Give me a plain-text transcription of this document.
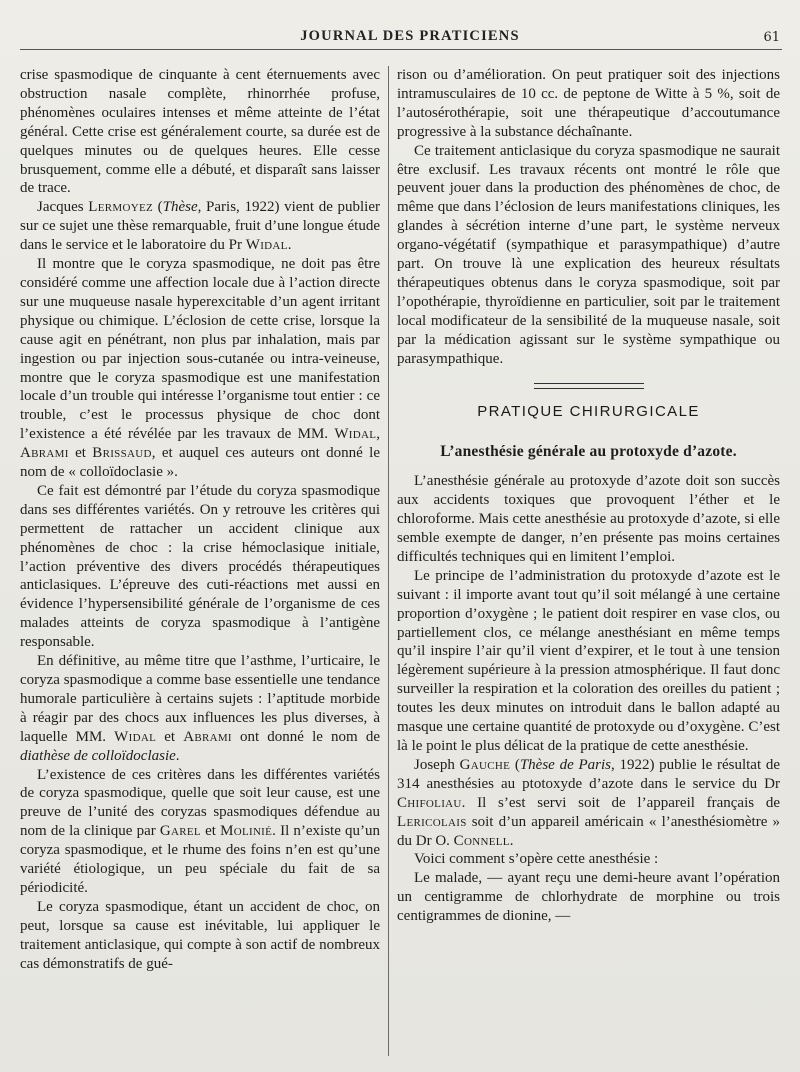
JOURNAL DES PRATICIENS	61

crise spasmodique de cinquante à cent éternuements avec obstruction nasale complète, rhinorrhée profuse, phénomènes oculaires intenses et même atteinte de l’état général. Cette crise est généralement courte, sa durée est de quelques minutes ou de quelques heures. Elle cesse brusquement, comme elle a débuté, et disparaît sans laisser de trace.

Jacques Lermoyez (Thèse, Paris, 1922) vient de publier sur ce sujet une thèse remarquable, fruit d’une longue étude dans le service et le laboratoire du Pr Widal.

Il montre que le coryza spasmodique, ne doit pas être considéré comme une affection locale due à l’action directe sur une muqueuse nasale hyperexcitable d’un agent irritant physique ou chimique. L’éclosion de cette crise, lorsque la cause agit en pénétrant, non plus par inhalation, mais par ingestion ou par injection sous-cutanée ou intra-veineuse, montre que le coryza spasmodique est une manifestation locale d’un trouble qui intéresse l’organisme tout entier : ce trouble, c’est le processus physique de choc dont l’existence a été révélée par les travaux de MM. Widal, Abrami et Brissaud, et auquel ces auteurs ont donné le nom de « colloïdoclasie ».

Ce fait est démontré par l’étude du coryza spasmodique dans ses différentes variétés. On y retrouve les critères qui permettent de rattacher un accident clinique aux phénomènes de choc : la crise hémoclasique initiale, l’action préventive des divers procédés thérapeutiques anticlasiques. L’épreuve des cuti-réactions met aussi en évidence l’hypersensibilité générale de l’organisme de ces malades atteints de coryza spasmodique à l’antigène responsable.

En définitive, au même titre que l’asthme, l’urticaire, le coryza spasmodique a comme base essentielle une tendance humorale particulière à certains sujets : l’aptitude morbide à réagir par des chocs aux influences les plus diverses, à laquelle MM. Widal et Abrami ont donné le nom de diathèse de colloïdoclasie.

L’existence de ces critères dans les différentes variétés de coryza spasmodique, quelle que soit leur cause, est une preuve de l’unité des coryzas spasmodiques défendue au nom de la clinique par Garel et Molinié. Il n’existe qu’un coryza spasmodique, et le rhume des foins n’en est qu’une variété étiologique, un peu spéciale du fait de sa périodicité.

Le coryza spasmodique, étant un accident de choc, on peut, lorsque sa cause est inévitable, lui appliquer le traitement anticlasique, qui compte à son actif de nombreux cas démonstratifs de gué-

rison ou d’amélioration. On peut pratiquer soit des injections intramusculaires de 10 cc. de peptone de Witte à 5 %, soit de l’autosérothérapie, soit une thérapeutique d’accoutumance progressive à la substance déchaînante.

Ce traitement anticlasique du coryza spasmodique ne saurait être exclusif. Les travaux récents ont montré le rôle que peuvent jouer dans la production des phénomènes de choc, de même que dans l’éclosion de leurs manifestations cliniques, les glandes à sécrétion interne d’une part, le système nerveux organo-végétatif (sympathique et parasympathique) d’autre part. On trouve là une explication des heureux résultats thérapeutiques obtenus dans le coryza spasmodique, soit par l’opothérapie, thyroïdienne en particulier, soit par le traitement local modificateur de la sensibilité de la muqueuse nasale, soit par la médication agissant sur le système sympathique ou parasympathique.

PRATIQUE CHIRURGICALE
L’anesthésie générale au protoxyde d’azote.

L’anesthésie générale au protoxyde d’azote doit son succès aux accidents toxiques que provoquent l’éther et le chloroforme. Mais cette anesthésie au protoxyde d’azote, si elle semble exempte de danger, n’en présente pas moins certaines difficultés techniques qui en limitent l’emploi.

Le principe de l’administration du protoxyde d’azote est le suivant : il importe avant tout qu’il soit mélangé à une certaine proportion d’oxygène ; le patient doit respirer en vase clos, ou partiellement clos, ce mélange anesthésiant en même temps qu’il inspire l’air qu’il vient d’expirer, et le tout à une tension légèrement supérieure à la pression atmosphérique. Il faut donc surveiller la respiration et la coloration des oreilles du patient ; toutes les deux minutes on introduit dans le ballon adapté au masque une certaine quantité de protoxyde ou d’oxygène. C’est là le point le plus délicat de la pratique de cette anesthésie.

Joseph Gauche (Thèse de Paris, 1922) publie le résultat de 314 anesthésies au ptotoxyde d’azote dans le service du Dr Chifoliau. Il s’est servi soit de l’appareil français de Lericolais soit d’un appareil américain « l’anesthésiomètre » du Dr O. Connell.

Voici comment s’opère cette anesthésie :

Le malade, — ayant reçu une demi-heure avant l’opération un centigramme de chlorhydrate de morphine ou trois centigrammes de dionine, —
